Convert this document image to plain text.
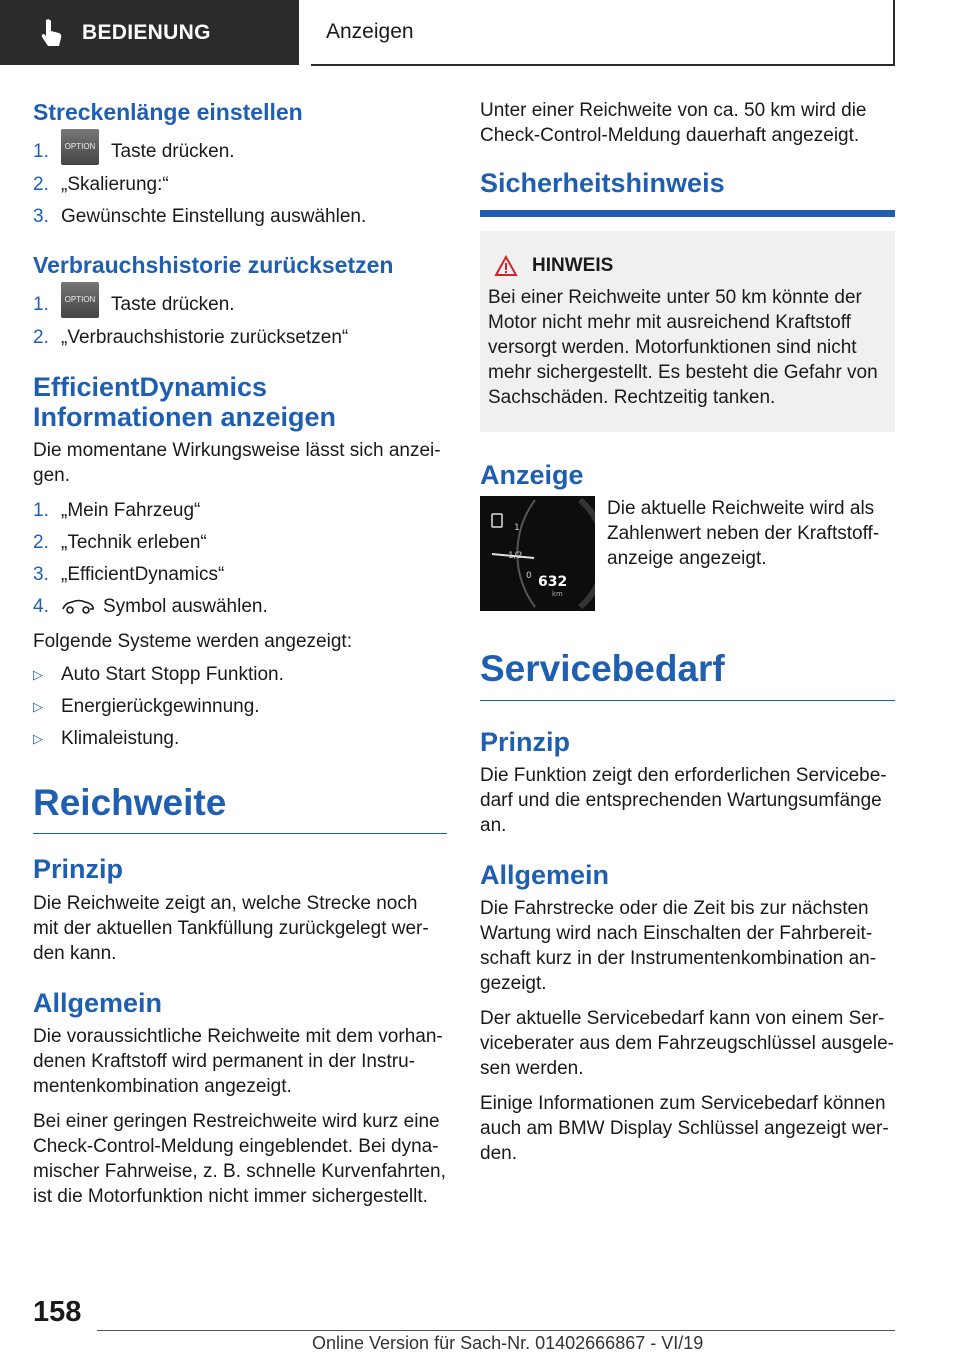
BEDIENUNG	Anzeigen
Streckenlänge einstellen
1.	OPTION Taste drücken.
2. „Skalierung:“
3. Gewünschte Einstellung auswählen.
Verbrauchshistorie zurücksetzen
1.	OPTION Taste drücken.
2. „Verbrauchshistorie zurücksetzen“
EfficientDynamics Informationen anzeigen

Die momentane Wirkungsweise lässt sich anzeigen.

1. „Mein Fahrzeug“
2. „Technik erleben“
3. „EfficientDynamics“
4.	Symbol auswählen.

Folgende Systeme werden angezeigt:

▷ Auto Start Stopp Funktion.
▷ Energierückgewinnung.
▷ Klimaleistung.
Reichweite
Prinzip

Die Reichweite zeigt an, welche Strecke noch mit der aktuellen Tankfüllung zurückgelegt werden kann.

Allgemein

Die voraussichtliche Reichweite mit dem vorhandenen Kraftstoff wird permanent in der Instrumentenkombination angezeigt.

Bei einer geringen Restreichweite wird kurz eine Check-Control-Meldung eingeblendet. Bei dynamischer Fahrweise, z. B. schnelle Kurvenfahrten, ist die Motorfunktion nicht immer sichergestellt.

Unter einer Reichweite von ca. 50 km wird die Check-Control-Meldung dauerhaft angezeigt.

Sicherheitshinweis
HINWEIS

Bei einer Reichweite unter 50 km könnte der Motor nicht mehr mit ausreichend Kraftstoff versorgt werden. Motorfunktionen sind nicht mehr sichergestellt. Es besteht die Gefahr von Sachschäden. Rechtzeitig tanken.

Anzeige
1
1/2
0 632
km

Die aktuelle Reichweite wird als Zahlenwert neben der Kraftstoffanzeige angezeigt.

Servicebedarf
Prinzip

Die Funktion zeigt den erforderlichen Servicebedarf und die entsprechenden Wartungsumfänge an.

Allgemein

Die Fahrstrecke oder die Zeit bis zur nächsten Wartung wird nach Einschalten der Fahrbereitschaft kurz in der Instrumentenkombination angezeigt.

Der aktuelle Servicebedarf kann von einem Serviceberater aus dem Fahrzeugschlüssel ausgelesen werden.

Einige Informationen zum Servicebedarf können auch am BMW Display Schlüssel angezeigt werden.

158
Online Version für Sach-Nr. 01402666867 - VI/19
